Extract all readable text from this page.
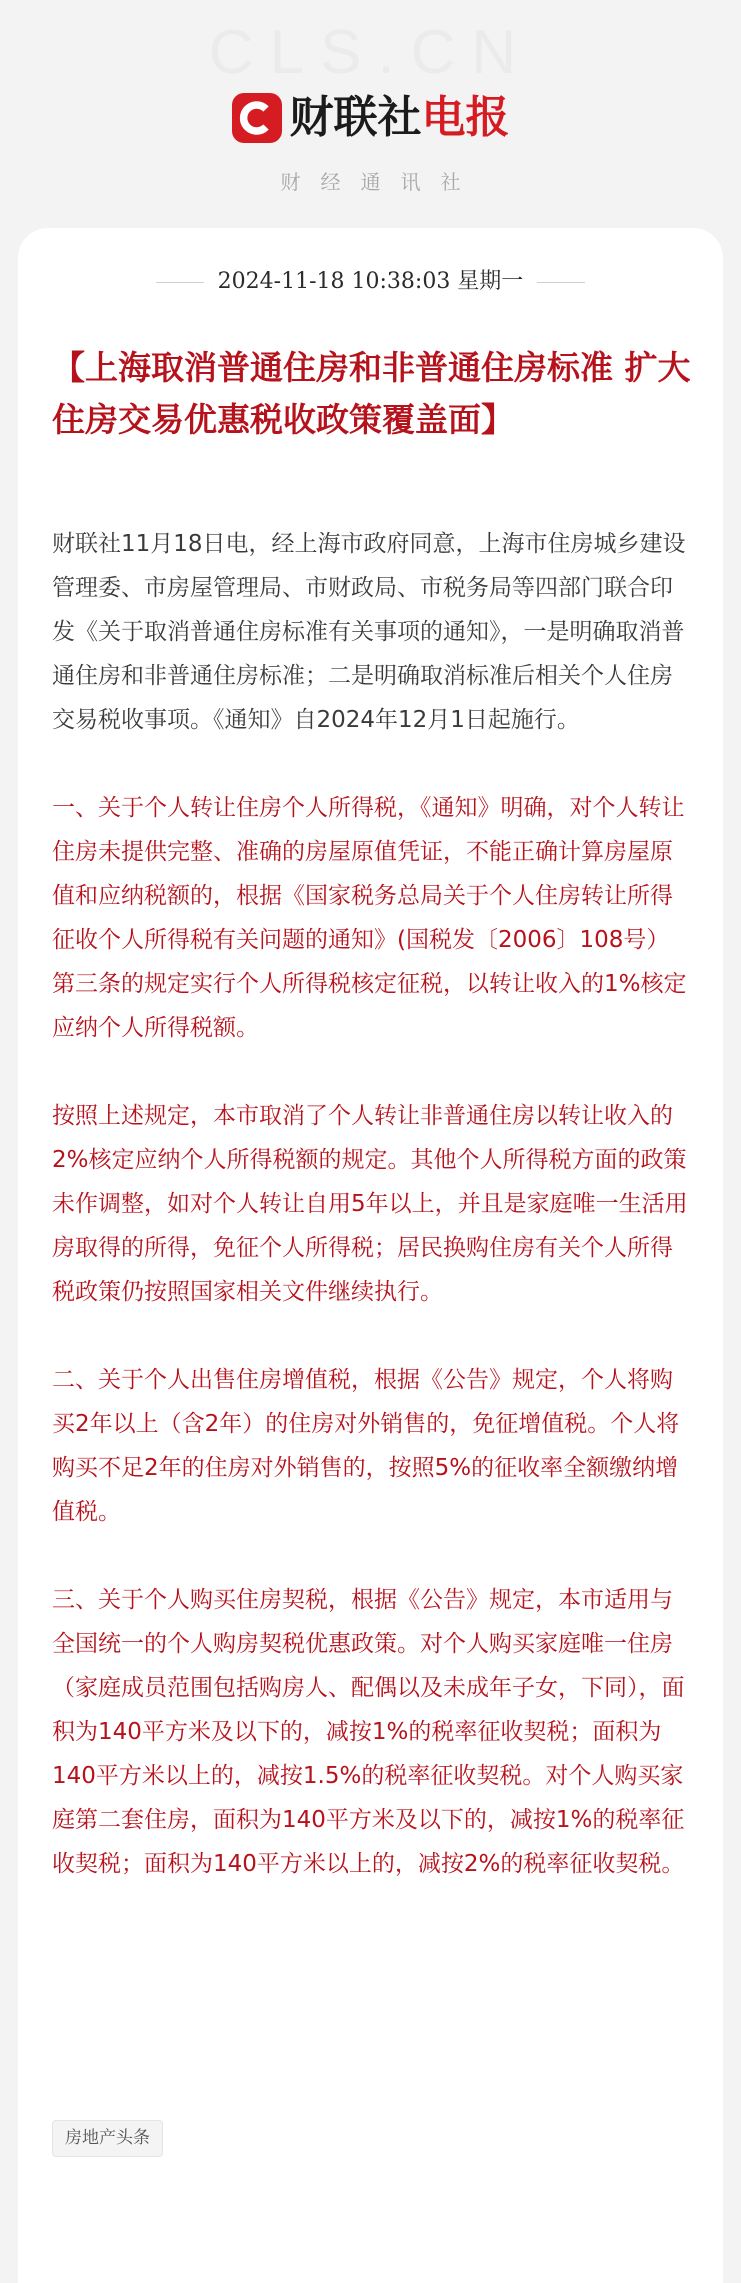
CLS.CN
财联社 电报
财经通讯社
2024-11-18 10:38:03 星期一
【上海取消普通住房和非普通住房标准 扩大住房交易优惠税收政策覆盖面】

财联社11月18日电，经上海市政府同意，上海市住房城乡建设管理委、市房屋管理局、市财政局、市税务局等四部门联合印发《关于取消普通住房标准有关事项的通知》，一是明确取消普通住房和非普通住房标准；二是明确取消标准后相关个人住房交易税收事项。《通知》自2024年12月1日起施行。

一、关于个人转让住房个人所得税，《通知》明确，对个人转让住房未提供完整、准确的房屋原值凭证，不能正确计算房屋原值和应纳税额的，根据《国家税务总局关于个人住房转让所得征收个人所得税有关问题的通知》(国税发〔2006〕108号）第三条的规定实行个人所得税核定征税，以转让收入的1%核定应纳个人所得税额。

按照上述规定，本市取消了个人转让非普通住房以转让收入的2%核定应纳个人所得税额的规定。其他个人所得税方面的政策未作调整，如对个人转让自用5年以上，并且是家庭唯一生活用房取得的所得，免征个人所得税；居民换购住房有关个人所得税政策仍按照国家相关文件继续执行。

二、关于个人出售住房增值税，根据《公告》规定，个人将购买2年以上（含2年）的住房对外销售的，免征增值税。个人将购买不足2年的住房对外销售的，按照5%的征收率全额缴纳增值税。

三、关于个人购买住房契税，根据《公告》规定，本市适用与全国统一的个人购房契税优惠政策。对个人购买家庭唯一住房（家庭成员范围包括购房人、配偶以及未成年子女，下同），面积为140平方米及以下的，减按1%的税率征收契税；面积为140平方米以上的，减按1.5%的税率征收契税。对个人购买家庭第二套住房，面积为140平方米及以下的，减按1%的税率征收契税；面积为140平方米以上的，减按2%的税率征收契税。

房地产头条
